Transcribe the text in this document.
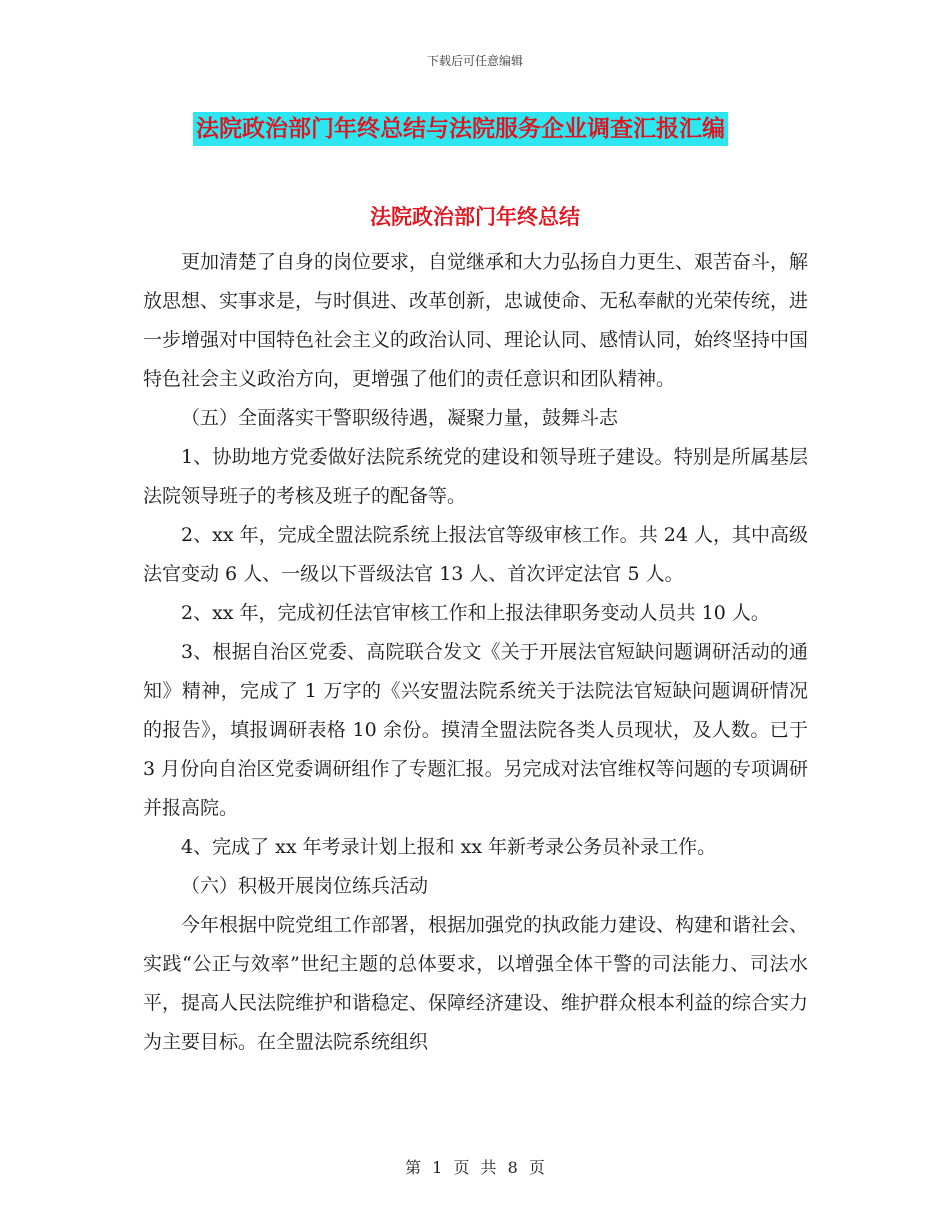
下载后可任意编辑
法院政治部门年终总结与法院服务企业调查汇报汇编
法院政治部门年终总结

更加清楚了自身的岗位要求，自觉继承和大力弘扬自力更生、艰苦奋斗，解放思想、实事求是，与时俱进、改革创新，忠诚使命、无私奉献的光荣传统，进一步增强对中国特色社会主义的政治认同、理论认同、感情认同，始终坚持中国特色社会主义政治方向，更增强了他们的责任意识和团队精神。

（五）全面落实干警职级待遇，凝聚力量，鼓舞斗志

1、协助地方党委做好法院系统党的建设和领导班子建设。特别是所属基层法院领导班子的考核及班子的配备等。

2、xx 年，完成全盟法院系统上报法官等级审核工作。共 24 人，其中高级法官变动 6 人、一级以下晋级法官 13 人、首次评定法官 5 人。

2、xx 年，完成初任法官审核工作和上报法律职务变动人员共 10 人。

3、根据自治区党委、高院联合发文《关于开展法官短缺问题调研活动的通知》精神，完成了 1 万字的《兴安盟法院系统关于法院法官短缺问题调研情况的报告》，填报调研表格 10 余份。摸清全盟法院各类人员现状，及人数。已于 3 月份向自治区党委调研组作了专题汇报。另完成对法官维权等问题的专项调研并报高院。

4、完成了 xx 年考录计划上报和 xx 年新考录公务员补录工作。

（六）积极开展岗位练兵活动

今年根据中院党组工作部署，根据加强党的执政能力建设、构建和谐社会、实践“公正与效率”世纪主题的总体要求，以增强全体干警的司法能力、司法水平，提高人民法院维护和谐稳定、保障经济建设、维护群众根本利益的综合实力为主要目标。在全盟法院系统组织

第 1 页 共 8 页
